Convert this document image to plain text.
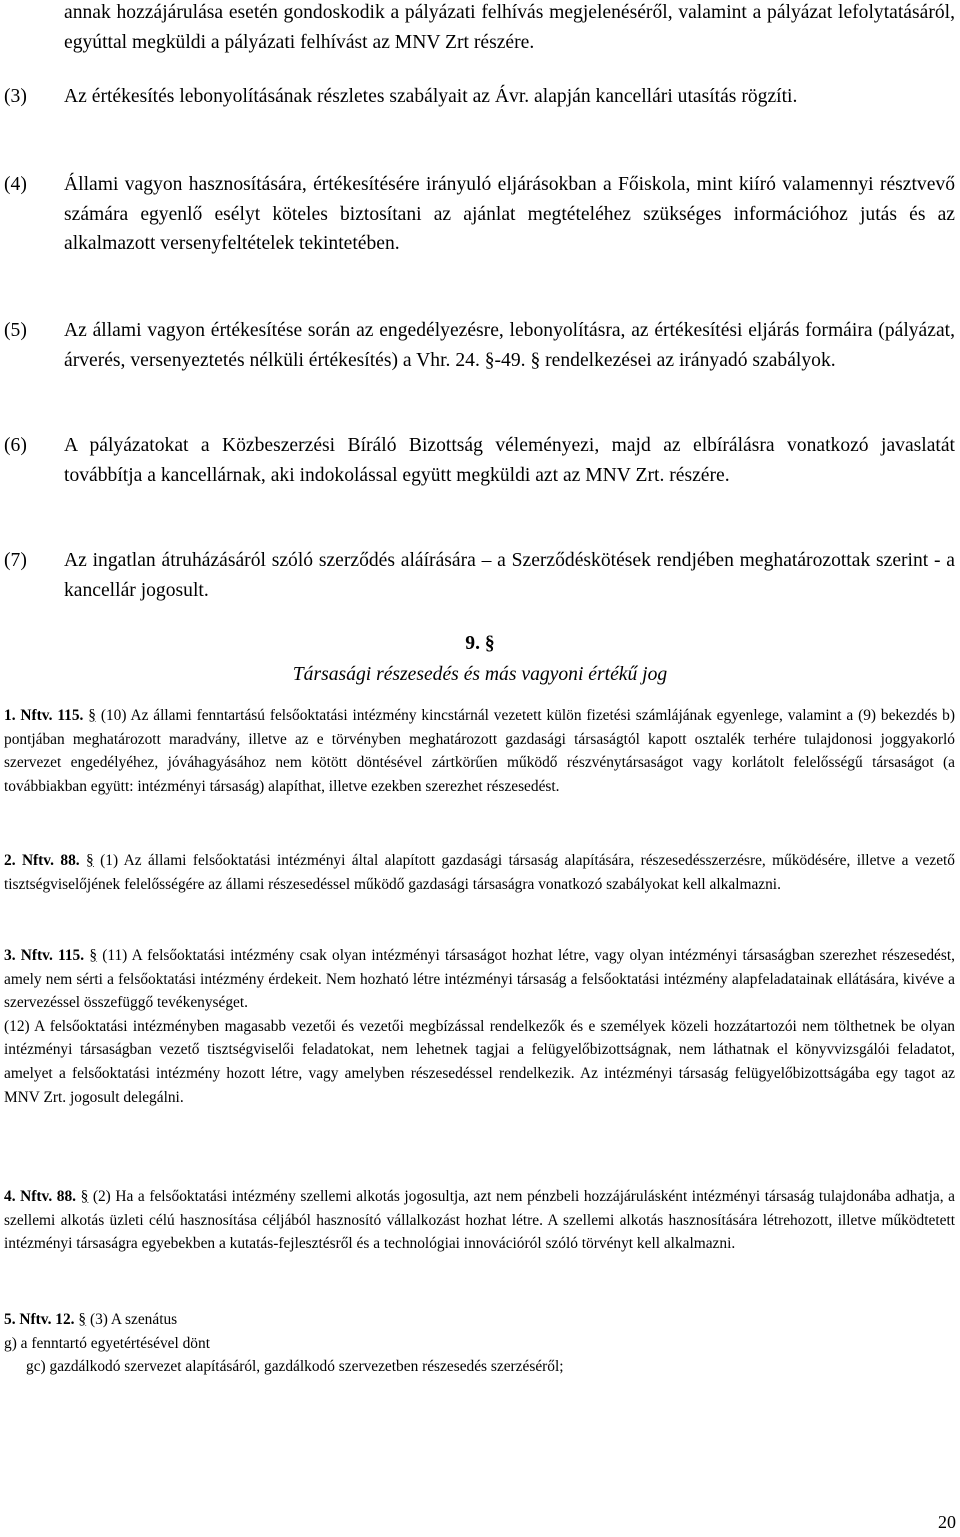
annak hozzájárulása esetén gondoskodik a pályázati felhívás megjelenéséről, valamint a pályázat lefolytatásáról, egyúttal megküldi a pályázati felhívást az MNV Zrt részére.
(3) Az értékesítés lebonyolításának részletes szabályait az Ávr. alapján kancellári utasítás rögzíti.
(4) Állami vagyon hasznosítására, értékesítésére irányuló eljárásokban a Főiskola, mint kiíró valamennyi résztvevő számára egyenlő esélyt köteles biztosítani az ajánlat megtételéhez szükséges információhoz jutás és az alkalmazott versenyfeltételek tekintetében.
(5) Az állami vagyon értékesítése során az engedélyezésre, lebonyolításra, az értékesítési eljárás formáira (pályázat, árverés, versenyeztetés nélküli értékesítés) a Vhr. 24. §-49. § rendelkezései az irányadó szabályok.
(6) A pályázatokat a Közbeszerzési Bíráló Bizottság véleményezi, majd az elbírálásra vonatkozó javaslatát továbbítja a kancellárnak, aki indokolással együtt megküldi azt az MNV Zrt. részére.
(7) Az ingatlan átruházásáról szóló szerződés aláírására – a Szerződéskötések rendjében meghatározottak szerint - a kancellár jogosult.
9. §
Társasági részesedés és más vagyoni értékű jog
1. Nftv. 115. § (10) Az állami fenntartású felsőoktatási intézmény kincstárnál vezetett külön fizetési számlájának egyenlege, valamint a (9) bekezdés b) pontjában meghatározott maradvány, illetve az e törvényben meghatározott gazdasági társaságtól kapott osztalék terhére tulajdonosi joggyakorló szervezet engedélyéhez, jóváhagyásához nem kötött döntésével zártkörűen működő részvénytársaságot vagy korlátolt felelősségű társaságot (a továbbiakban együtt: intézményi társaság) alapíthat, illetve ezekben szerezhet részesedést.
2. Nftv. 88. § (1) Az állami felsőoktatási intézményi által alapított gazdasági társaság alapítására, részesedésszerzésre, működésére, illetve a vezető tisztségviselőjének felelősségére az állami részesedéssel működő gazdasági társaságra vonatkozó szabályokat kell alkalmazni.
3. Nftv. 115. § (11) A felsőoktatási intézmény csak olyan intézményi társaságot hozhat létre, vagy olyan intézményi társaságban szerezhet részesedést, amely nem sérti a felsőoktatási intézmény érdekeit. Nem hozható létre intézményi társaság a felsőoktatási intézmény alapfeladatainak ellátására, kivéve a szervezéssel összefüggő tevékenységet.
(12) A felsőoktatási intézményben magasabb vezetői és vezetői megbízással rendelkezők és e személyek közeli hozzátartozói nem tölthetnek be olyan intézményi társaságban vezető tisztségviselői feladatokat, nem lehetnek tagjai a felügyelőbizottságnak, nem láthatnak el könyvvizsgálói feladatot, amelyet a felsőoktatási intézmény hozott létre, vagy amelyben részesedéssel rendelkezik. Az intézményi társaság felügyelőbizottságába egy tagot az MNV Zrt. jogosult delegálni.
4. Nftv. 88. § (2) Ha a felsőoktatási intézmény szellemi alkotás jogosultja, azt nem pénzbeli hozzájárulásként intézményi társaság tulajdonába adhatja, a szellemi alkotás üzleti célú hasznosítása céljából hasznosító vállalkozást hozhat létre. A szellemi alkotás hasznosítására létrehozott, illetve működtetett intézményi társaságra egyebekben a kutatás-fejlesztésről és a technológiai innovációról szóló törvényt kell alkalmazni.
5. Nftv. 12. § (3) A szenátus
g) a fenntartó egyetértésével dönt
gc) gazdálkodó szervezet alapításáról, gazdálkodó szervezetben részesedés szerzéséről;
20
